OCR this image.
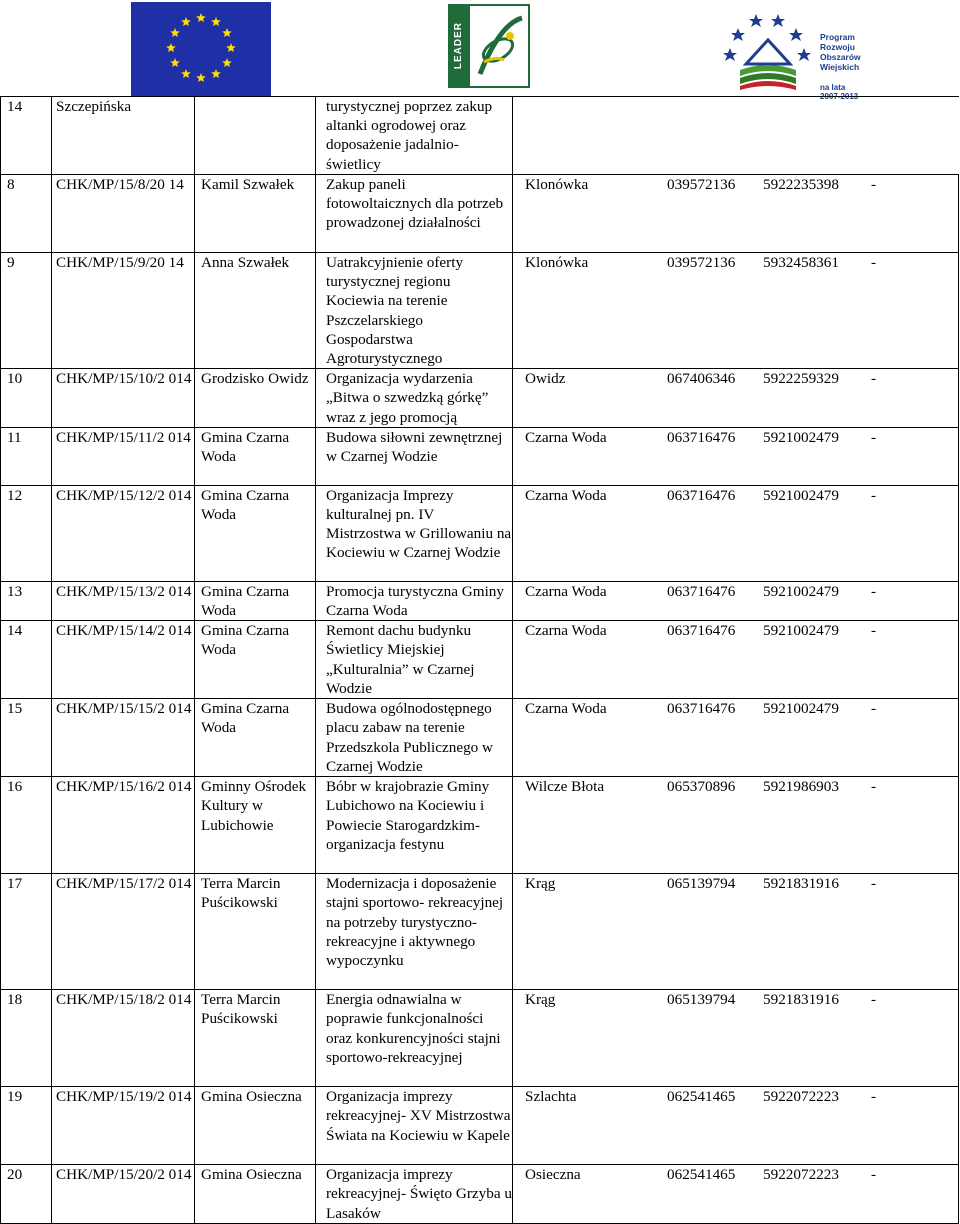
LEADER	Program
Rozwoju
Obszarów
Wiejskich
na lata 2007-2013
14	Szczepińska		turystycznej poprzez zakup altanki ogrodowej oraz doposażenie jadalnio-świetlicy	
8	CHK/MP/15/8/20 14	Kamil Szwałek	Zakup paneli fotowoltaicznych dla potrzeb prowadzonej działalności	Klonówka 039572136 5922235398 -
9	CHK/MP/15/9/20 14	Anna Szwałek	Uatrakcyjnienie oferty turystycznej regionu Kociewia na terenie Pszczelarskiego Gospodarstwa Agroturystycznego	Klonówka 039572136 5932458361 -
10	CHK/MP/15/10/2 014	Grodzisko Owidz	Organizacja wydarzenia „Bitwa o szwedzką górkę” wraz z jego promocją	Owidz 067406346 5922259329 -
11	CHK/MP/15/11/2 014	Gmina Czarna Woda	Budowa siłowni zewnętrznej w Czarnej Wodzie	Czarna Woda 063716476 5921002479 -
12	CHK/MP/15/12/2 014	Gmina Czarna Woda	Organizacja Imprezy kulturalnej pn. IV Mistrzostwa w Grillowaniu na Kociewiu w Czarnej Wodzie	Czarna Woda 063716476 5921002479 -
13	CHK/MP/15/13/2 014	Gmina Czarna Woda	Promocja turystyczna Gminy Czarna Woda	Czarna Woda 063716476 5921002479 -
14	CHK/MP/15/14/2 014	Gmina Czarna Woda	Remont dachu budynku Świetlicy Miejskiej „Kulturalnia” w Czarnej Wodzie	Czarna Woda 063716476 5921002479 -
15	CHK/MP/15/15/2 014	Gmina Czarna Woda	Budowa ogólnodostępnego placu zabaw na terenie Przedszkola Publicznego w Czarnej Wodzie	Czarna Woda 063716476 5921002479 -
16	CHK/MP/15/16/2 014	Gminny Ośrodek Kultury w Lubichowie	Bóbr w krajobrazie Gminy Lubichowo na Kociewiu i Powiecie Starogardzkim-organizacja festynu	Wilcze Błota 065370896 5921986903 -
17	CHK/MP/15/17/2 014	Terra Marcin Puścikowski	Modernizacja i doposażenie stajni sportowo- rekreacyjnej na potrzeby turystyczno-rekreacyjne i aktywnego wypoczynku	Krąg 065139794 5921831916 -
18	CHK/MP/15/18/2 014	Terra Marcin Puścikowski	Energia odnawialna w poprawie funkcjonalności oraz konkurencyjności stajni sportowo-rekreacyjnej	Krąg 065139794 5921831916 -
19	CHK/MP/15/19/2 014	Gmina Osieczna	Organizacja imprezy rekreacyjnej- XV Mistrzostwa Świata na Kociewiu w Kapele	Szlachta 062541465 5922072223 -
20	CHK/MP/15/20/2 014	Gmina Osieczna	Organizacja imprezy rekreacyjnej- Święto Grzyba u Lasaków	Osieczna 062541465 5922072223 -
